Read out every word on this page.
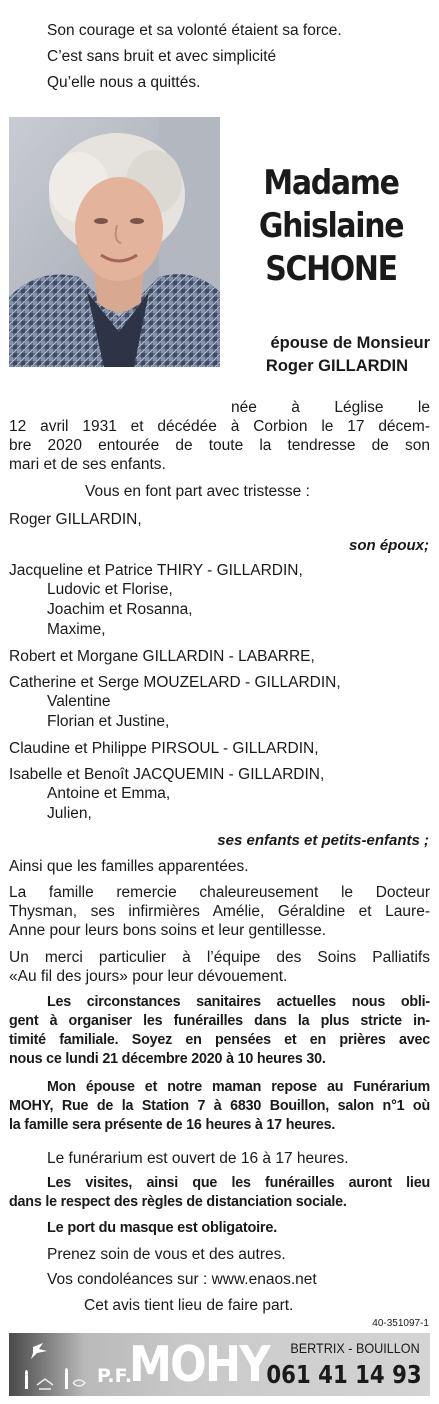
Son courage et sa volonté étaient sa force.
C’est sans bruit et avec simplicité
Qu’elle nous a quittés.
Madame
Ghislaine
SCHONE
épouse de Monsieur
Roger GILLARDIN
née à Léglise le
12 avril 1931 et décédée à Corbion le 17 décem-
bre 2020 entourée de toute la tendresse de son
mari et de ses enfants.
Vous en font part avec tristesse :
Roger GILLARDIN,
son époux;
Jacqueline et Patrice THIRY - GILLARDIN,
Ludovic et Florise,
Joachim et Rosanna,
Maxime,
Robert et Morgane GILLARDIN - LABARRE,
Catherine et Serge MOUZELARD - GILLARDIN,
Valentine
Florian et Justine,
Claudine et Philippe PIRSOUL - GILLARDIN,
Isabelle et Benoît JACQUEMIN - GILLARDIN,
Antoine et Emma,
Julien,
ses enfants et petits-enfants ;
Ainsi que les familles apparentées.
La famille remercie chaleureusement le Docteur
Thysman, ses infirmières Amélie, Géraldine et Laure-
Anne pour leurs bons soins et leur gentillesse.
Un merci particulier à l’équipe des Soins Palliatifs
«Au fil des jours» pour leur dévouement.
Les circonstances sanitaires actuelles nous obli-
gent à organiser les funérailles dans la plus stricte in-
timité familiale. Soyez en pensées et en prières avec
nous ce lundi 21 décembre 2020 à 10 heures 30.
Mon épouse et notre maman repose au Funérarium
MOHY, Rue de la Station 7 à 6830 Bouillon, salon n°1 où
la famille sera présente de 16 heures à 17 heures.
Le funérarium est ouvert de 16 à 17 heures.
Les visites, ainsi que les funérailles auront lieu
dans le respect des règles de distanciation sociale.
Le port du masque est obligatoire.
Prenez soin de vous et des autres.
Vos condoléances sur : www.enaos.net
Cet avis tient lieu de faire part.
40-351097-1
P.F.
MOHY BERTRIX - BOUILLON
061 41 14 93
